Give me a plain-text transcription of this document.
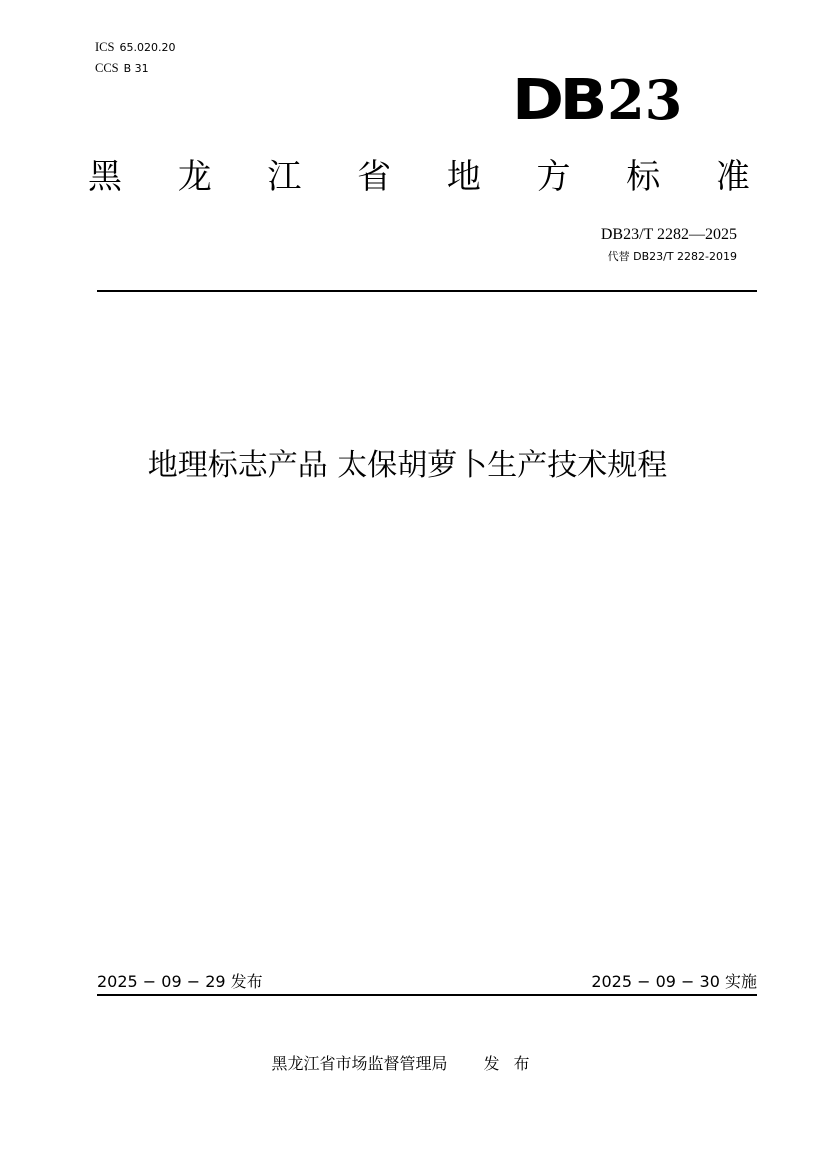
ICS 65.020.20
CCS B 31	DB23
黑 龙 江 省 地 方 标 准
DB23/T 2282—2025
代替 DB23/T 2282-2019
地理标志产品 太保胡萝卜生产技术规程
2025 − 09 − 29 发布	2025 − 09 − 30 实施
黑龙江省市场监督管理局 发布
